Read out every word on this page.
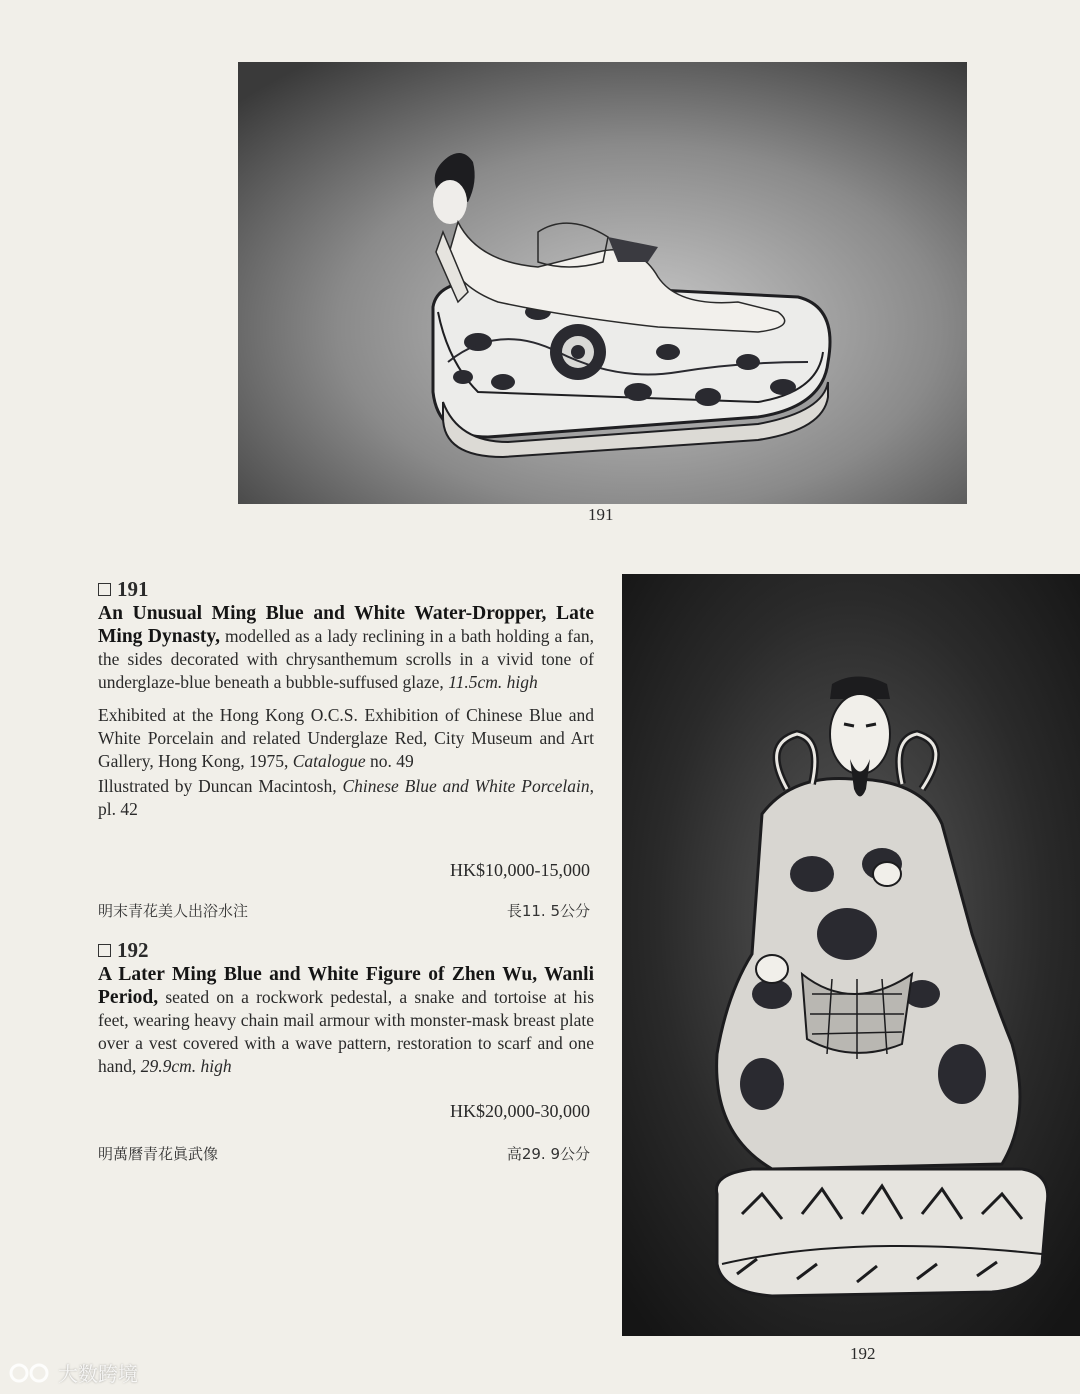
191
192
191

An Unusual Ming Blue and White Water-Dropper, Late Ming Dynasty, modelled as a lady reclining in a bath holding a fan, the sides decorated with chrysanthemum scrolls in a vivid tone of underglaze-blue beneath a bubble-suffused glaze, 11.5cm. high

Exhibited at the Hong Kong O.C.S. Exhibition of Chinese Blue and White Porcelain and related Underglaze Red, City Museum and Art Gallery, Hong Kong, 1975, Catalogue no. 49

Illustrated by Duncan Macintosh, Chinese Blue and White Porcelain, pl. 42

HK$10,000-15,000
明末青花美人出浴水注	長11. 5公分
192

A Later Ming Blue and White Figure of Zhen Wu, Wanli Period, seated on a rockwork pedestal, a snake and tortoise at his feet, wearing heavy chain mail armour with monster-mask breast plate over a vest covered with a wave pattern, restoration to scarf and one hand, 29.9cm. high

HK$20,000-30,000
明萬曆青花眞武像	高29. 9公分
大数跨境
